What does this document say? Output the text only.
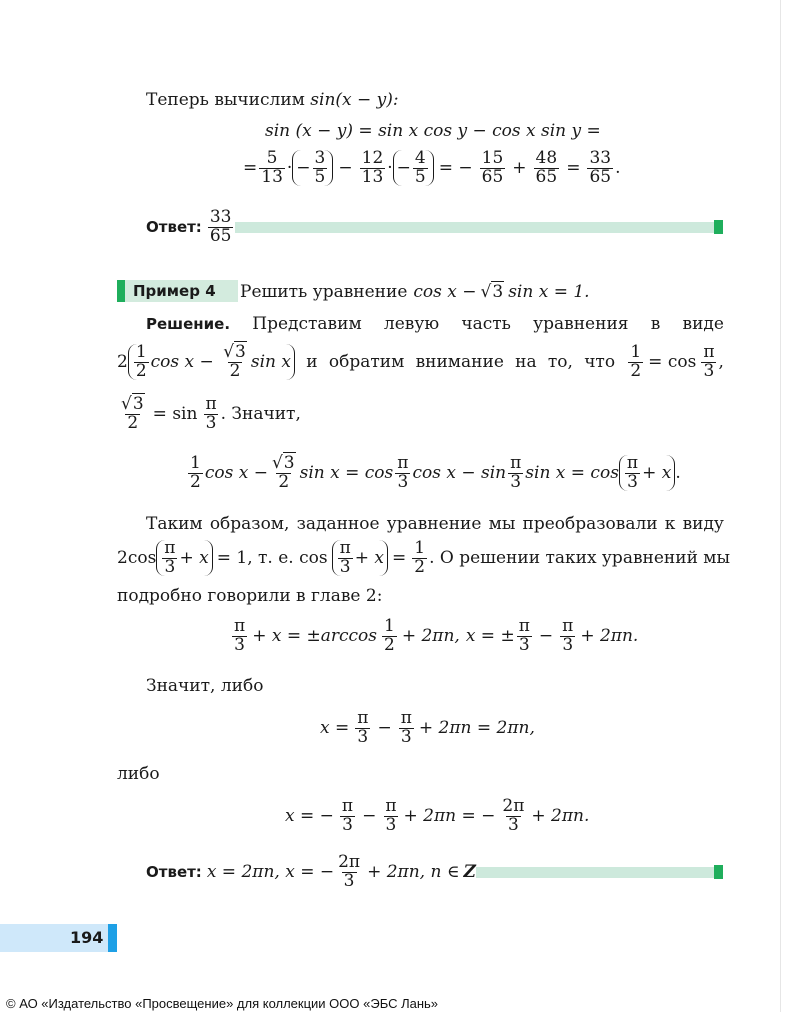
Теперь вычислим sin(x − y):
sin (x − y) = sin x cos y − cos x sin y =
= $\frac{5}{13}$ · − $\frac{3}{5} - \frac{12}{13}$ · − $\frac{4}{5}$ = − $\frac{15}{65} + \frac{48}{65} = \frac{33}{65}$ .
Ответ: $\frac{33}{65}$
Пример 4	Решить уравнение cos x − √3 sin x = 1.
Решение. Представим левую часть уравнения в виде
$2 \frac{1}{2}$ $\cos x - \frac{√3}{2}$ sin x и обратим внимание на то, что $\frac{1}{2} = \cos \frac{\pi}{3}$ ,
$\frac{√3}{2} = \sin \frac{\pi}{3}$ . Значит,
$\frac{1}{2}$ $\cos x - \frac{√3}{2}$ $\sin x = \cos \frac{\pi}{3}$ $\cos x - \sin \frac{\pi}{3}$ $\sin x = \cos \frac{\pi}{3} + x$ .
Таким образом, заданное уравнение мы преобразовали к виду
$2\cos \frac{\pi}{3} + x = 1$, т. е. $\cos \frac{\pi}{3} + x = \frac{1}{2}$ . О решении таких уравнений мы
подробно говорили в главе 2:
$\frac{\pi}{3} + x = \pm\arccos \frac{1}{2} + 2\pi n$, x = ± $\frac{\pi}{3} - \frac{\pi}{3} + 2\pi n$.
Значит, либо
$x = \frac{\pi}{3} - \frac{\pi}{3} + 2\pi n = 2\pi n$,
либо
x = − $\frac{\pi}{3} - \frac{\pi}{3} + 2\pi n$ = − $\frac{2\pi}{3} + 2\pi n$.
Ответ: x = 2πn, x = − $\frac{2\pi}{3} + 2\pi n$, n ∈ Z
194
© АО «Издательство «Просвещение» для коллекции ООО «ЭБС Лань»
